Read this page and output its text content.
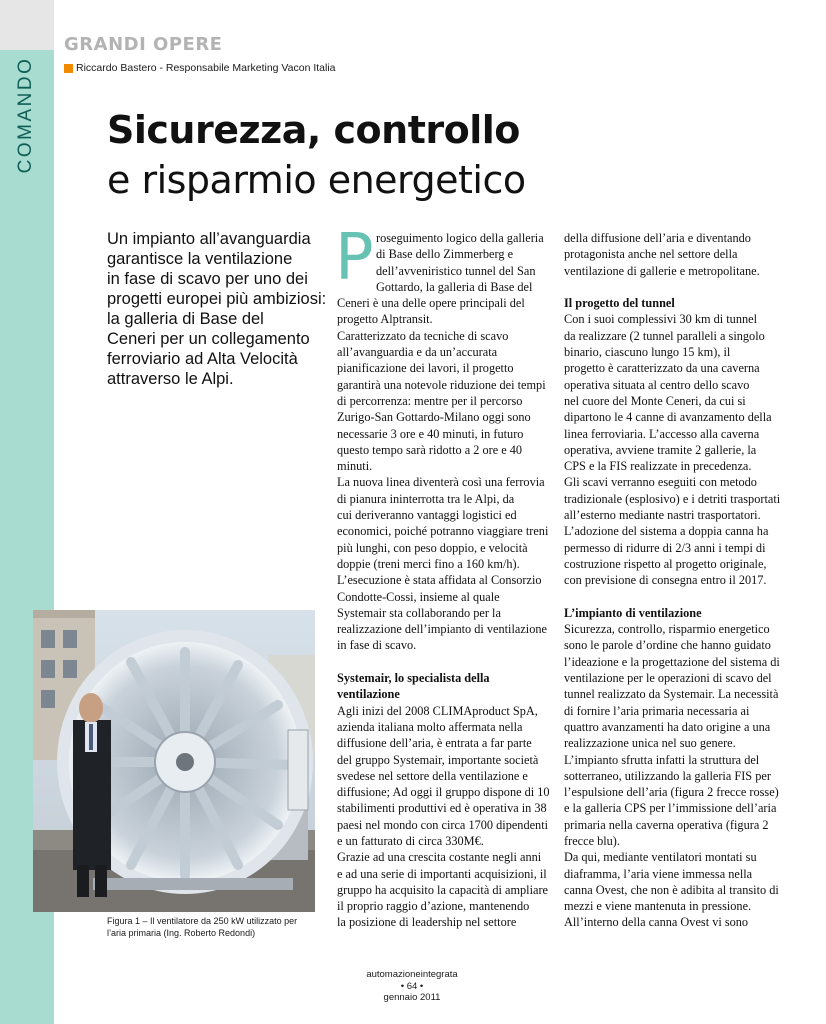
COMANDO
GRANDI OPERE
Riccardo Bastero - Responsabile Marketing Vacon Italia
Sicurezza, controllo
e risparmio energetico

Un impianto all’avanguardia

garantisce la ventilazione

in fase di scavo per uno dei

progetti europei più ambiziosi:

la galleria di Base del

Ceneri per un collegamento

ferroviario ad Alta Velocità

attraverso le Alpi.

P roseguimento logico della galleria

di Base dello Zimmerberg e

dell’avveniristico tunnel del San

Gottardo, la galleria di Base del

Ceneri è una delle opere principali del

progetto Alptransit.

Caratterizzato da tecniche di scavo

all’avanguardia e da un’accurata

pianificazione dei lavori, il progetto

garantirà una notevole riduzione dei tempi

di percorrenza: mentre per il percorso

Zurigo-San Gottardo-Milano oggi sono

necessarie 3 ore e 40 minuti, in futuro

questo tempo sarà ridotto a 2 ore e 40

minuti.

La nuova linea diventerà così una ferrovia

di pianura ininterrotta tra le Alpi, da

cui deriveranno vantaggi logistici ed

economici, poiché potranno viaggiare treni

più lunghi, con peso doppio, e velocità

doppie (treni merci fino a 160 km/h).

L’esecuzione è stata affidata al Consorzio

Condotte-Cossi, insieme al quale

Systemair sta collaborando per la

realizzazione dell’impianto di ventilazione

in fase di scavo.

Systemair, lo specialista della

ventilazione

Agli inizi del 2008 CLIMAproduct SpA,

azienda italiana molto affermata nella

diffusione dell’aria, è entrata a far parte

del gruppo Systemair, importante società

svedese nel settore della ventilazione e

diffusione; Ad oggi il gruppo dispone di 10

stabilimenti produttivi ed è operativa in 38

paesi nel mondo con circa 1700 dipendenti

e un fatturato di circa 330M€.

Grazie ad una crescita costante negli anni

e ad una serie di importanti acquisizioni, il

gruppo ha acquisito la capacità di ampliare

il proprio raggio d’azione, mantenendo

la posizione di leadership nel settore

della diffusione dell’aria e diventando

protagonista anche nel settore della

ventilazione di gallerie e metropolitane.

Il progetto del tunnel

Con i suoi complessivi 30 km di tunnel

da realizzare (2 tunnel paralleli a singolo

binario, ciascuno lungo 15 km), il

progetto è caratterizzato da una caverna

operativa situata al centro dello scavo

nel cuore del Monte Ceneri, da cui si

dipartono le 4 canne di avanzamento della

linea ferroviaria. L’accesso alla caverna

operativa, avviene tramite 2 gallerie, la

CPS e la FIS realizzate in precedenza.

Gli scavi verranno eseguiti con metodo

tradizionale (esplosivo) e i detriti trasportati

all’esterno mediante nastri trasportatori.

L’adozione del sistema a doppia canna ha

permesso di ridurre di 2/3 anni i tempi di

costruzione rispetto al progetto originale,

con previsione di consegna entro il 2017.

L’impianto di ventilazione

Sicurezza, controllo, risparmio energetico

sono le parole d’ordine che hanno guidato

l’ideazione e la progettazione del sistema di

ventilazione per le operazioni di scavo del

tunnel realizzato da Systemair. La necessità

di fornire l’aria primaria necessaria ai

quattro avanzamenti ha dato origine a una

realizzazione unica nel suo genere.

L’impianto sfrutta infatti la struttura del

sotterraneo, utilizzando la galleria FIS per

l’espulsione dell’aria (figura 2 frecce rosse)

e la galleria CPS per l’immissione dell’aria

primaria nella caverna operativa (figura 2

frecce blu).

Da qui, mediante ventilatori montati su

diaframma, l’aria viene immessa nella

canna Ovest, che non è adibita al transito di

mezzi e viene mantenuta in pressione.

All’interno della canna Ovest vi sono

Figura 1 – Il ventilatore da 250 kW utilizzato per

l’aria primaria (Ing. Roberto Redondi)

automazioneintegrata

• 64 •

gennaio 2011
